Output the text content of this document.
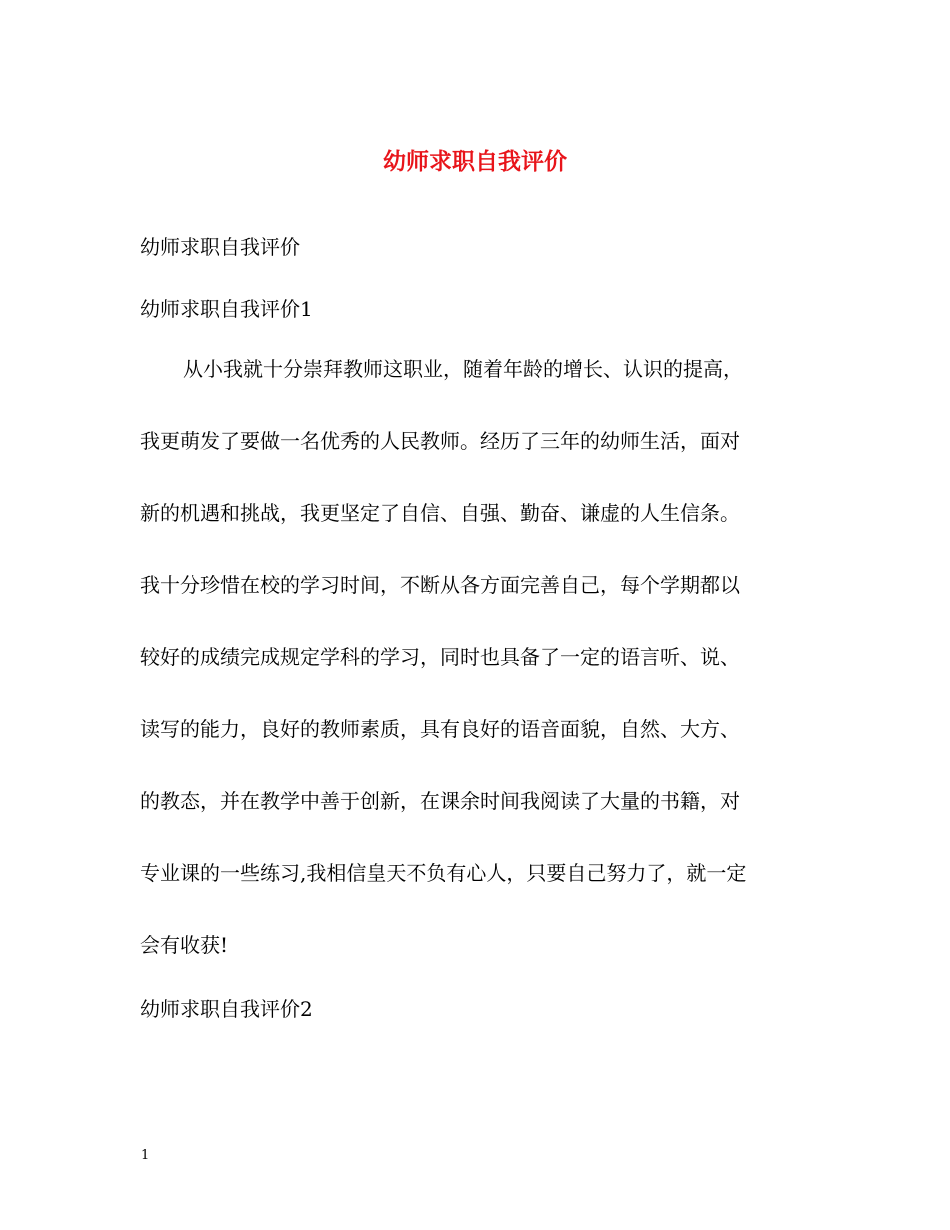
幼师求职自我评价

幼师求职自我评价

幼师求职自我评价1

从小我就十分崇拜教师这职业，随着年龄的增长、认识的提高，

我更萌发了要做一名优秀的人民教师。经历了三年的幼师生活，面对

新的机遇和挑战，我更坚定了自信、自强、勤奋、谦虚的人生信条。

我十分珍惜在校的学习时间，不断从各方面完善自己，每个学期都以

较好的成绩完成规定学科的学习，同时也具备了一定的语言听、说、

读写的能力，良好的教师素质，具有良好的语音面貌，自然、大方、

的教态，并在教学中善于创新，在课余时间我阅读了大量的书籍，对

专业课的一些练习,我相信皇天不负有心人，只要自己努力了，就一定

会有收获!

幼师求职自我评价2

1
